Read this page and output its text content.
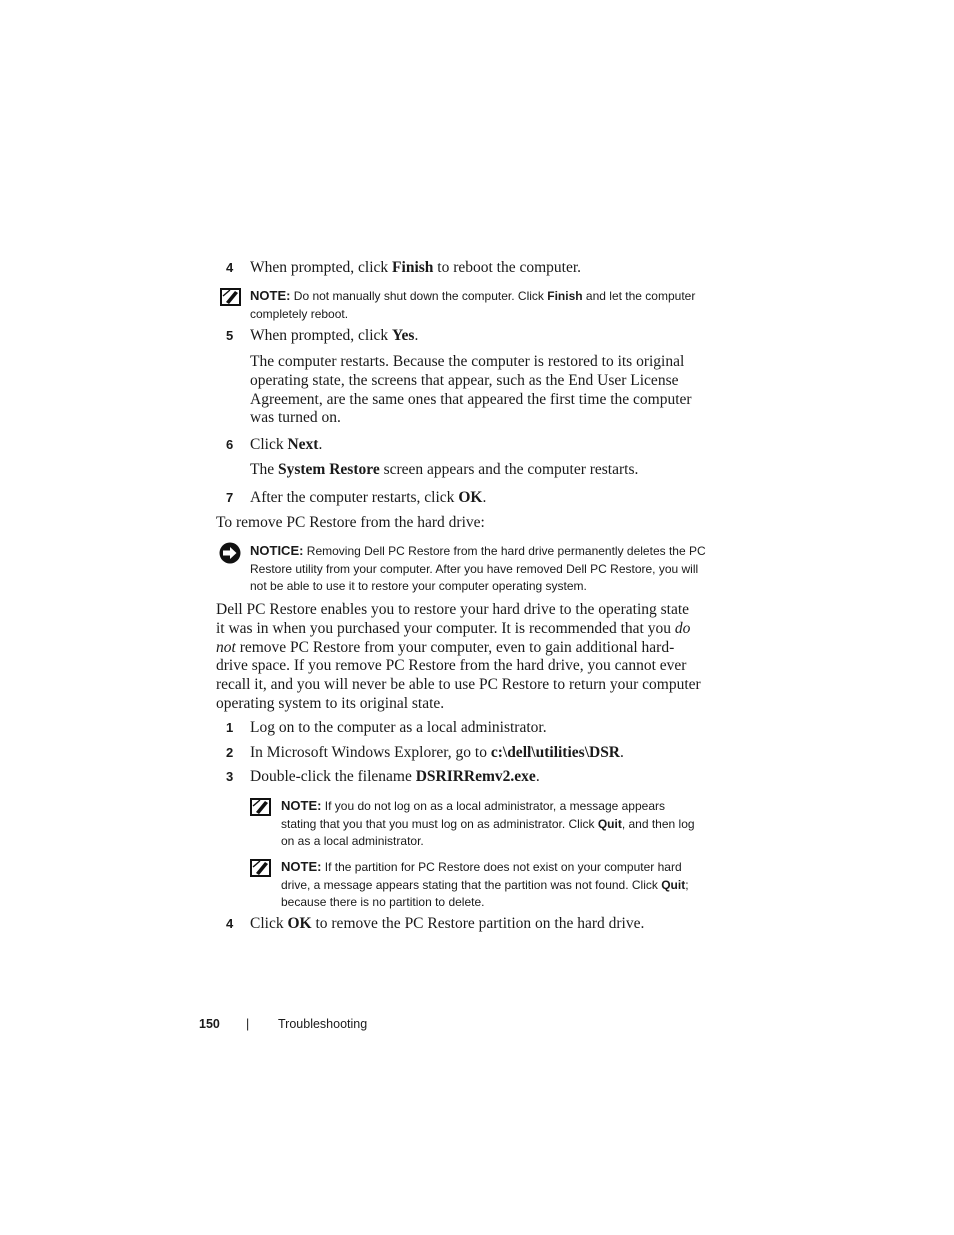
4 When prompted, click Finish to reboot the computer.
NOTE: Do not manually shut down the computer. Click Finish and let the computer
completely reboot.
5 When prompted, click Yes.
The computer restarts. Because the computer is restored to its original
operating state, the screens that appear, such as the End User License
Agreement, are the same ones that appeared the first time the computer
was turned on.
6 Click Next.
The System Restore screen appears and the computer restarts.
7 After the computer restarts, click OK.
To remove PC Restore from the hard drive:
NOTICE: Removing Dell PC Restore from the hard drive permanently deletes the PC
Restore utility from your computer. After you have removed Dell PC Restore, you will
not be able to use it to restore your computer operating system.
Dell PC Restore enables you to restore your hard drive to the operating state
it was in when you purchased your computer. It is recommended that you do
not remove PC Restore from your computer, even to gain additional hard-
drive space. If you remove PC Restore from the hard drive, you cannot ever
recall it, and you will never be able to use PC Restore to return your computer
operating system to its original state.
1 Log on to the computer as a local administrator.
2 In Microsoft Windows Explorer, go to c:\dell\utilities\DSR.
3 Double-click the filename DSRIRRemv2.exe.
NOTE: If you do not log on as a local administrator, a message appears
stating that you that you must log on as administrator. Click Quit, and then log
on as a local administrator.
NOTE: If the partition for PC Restore does not exist on your computer hard
drive, a message appears stating that the partition was not found. Click Quit;
because there is no partition to delete.
4 Click OK to remove the PC Restore partition on the hard drive.
150 | Troubleshooting
